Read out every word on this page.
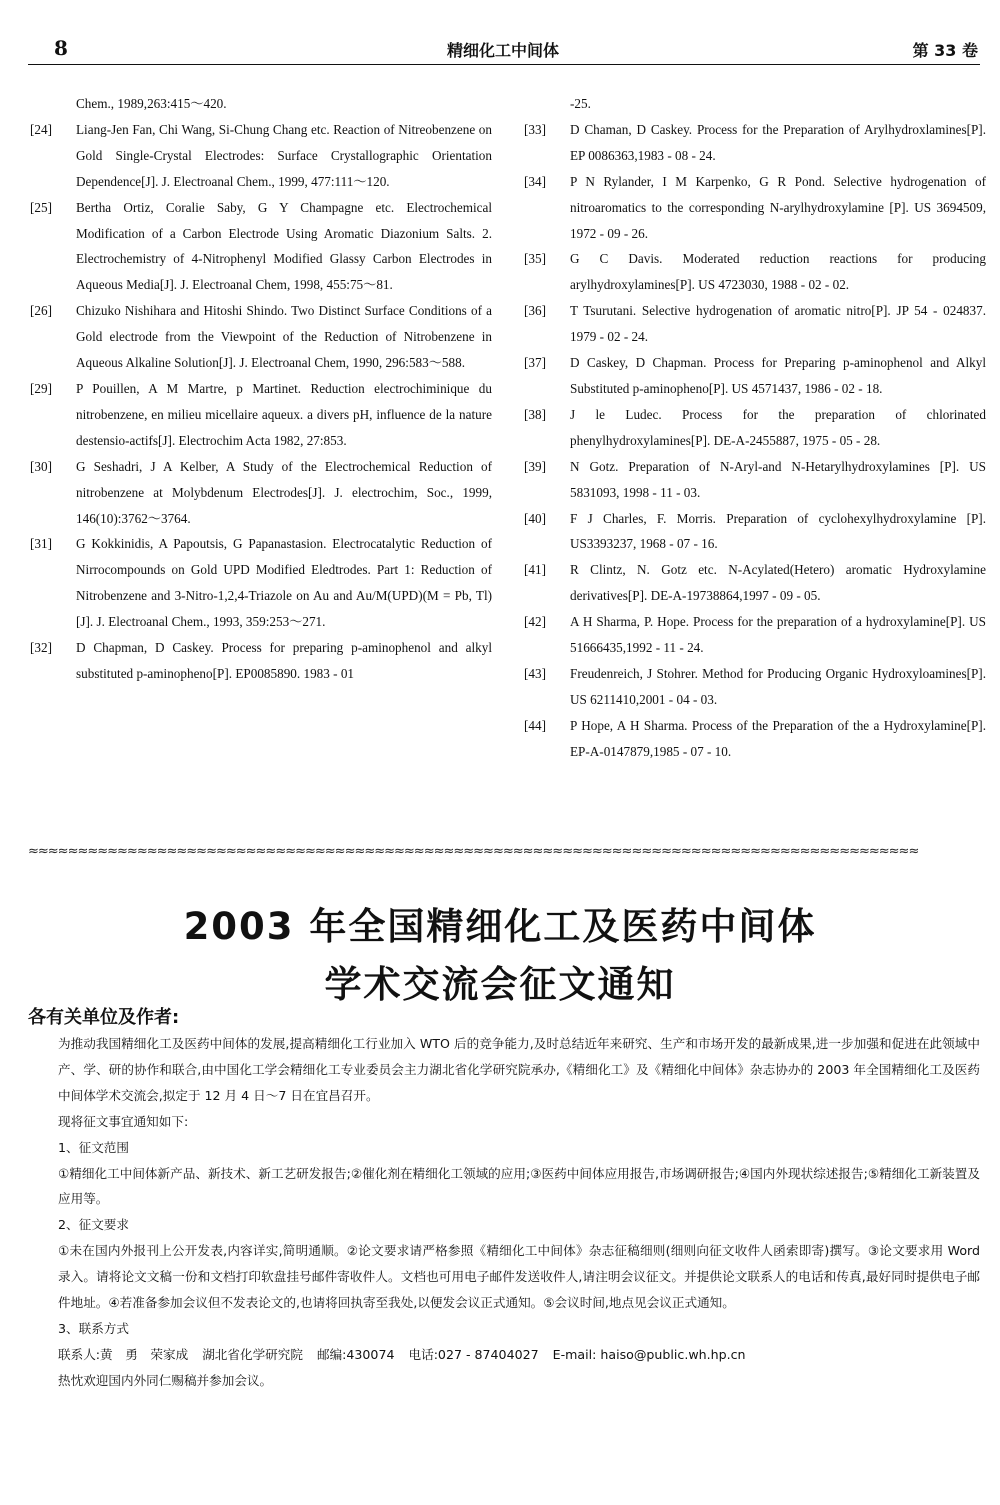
8	精细化工中间体	第 33 卷
Chem., 1989,263:415～420.
[24] Liang-Jen Fan, Chi Wang, Si-Chung Chang etc. Reaction of Nitreobenzene on Gold Single-Crystal Electrodes: Surface Crystallographic Orientation Dependence[J]. J. Electroanal Chem., 1999, 477:111～120.
[25] Bertha Ortiz, Coralie Saby, G Y Champagne etc. Electrochemical Modification of a Carbon Electrode Using Aromatic Diazonium Salts. 2. Electrochemistry of 4-Nitrophenyl Modified Glassy Carbon Electrodes in Aqueous Media[J]. J. Electroanal Chem, 1998, 455:75～81.
[26] Chizuko Nishihara and Hitoshi Shindo. Two Distinct Surface Conditions of a Gold electrode from the Viewpoint of the Reduction of Nitrobenzene in Aqueous Alkaline Solution[J]. J. Electroanal Chem, 1990, 296:583～588.
[29] P Pouillen, A M Martre, p Martinet. Reduction electrochiminique du nitrobenzene, en milieu micellaire aqueux. a divers pH, influence de la nature destensio-actifs[J]. Electrochim Acta 1982, 27:853.
[30] G Seshadri, J A Kelber, A Study of the Electrochemical Reduction of nitrobenzene at Molybdenum Electrodes[J]. J. electrochim, Soc., 1999, 146(10):3762～3764.
[31] G Kokkinidis, A Papoutsis, G Papanastasion. Electrocatalytic Reduction of Nirrocompounds on Gold UPD Modified Eledtrodes. Part 1: Reduction of Nitrobenzene and 3-Nitro-1,2,4-Triazole on Au and Au/M(UPD)(M = Pb, Tl)[J]. J. Electroanal Chem., 1993, 359:253～271.
[32] D Chapman, D Caskey. Process for preparing p-aminophenol and alkyl substituted p-aminopheno[P]. EP0085890. 1983 - 01
-25.
[33] D Chaman, D Caskey. Process for the Preparation of Arylhydroxlamines[P]. EP 0086363,1983 - 08 - 24.
[34] P N Rylander, I M Karpenko, G R Pond. Selective hydrogenation of nitroaromatics to the corresponding N-arylhydroxylamine [P]. US 3694509, 1972 - 09 - 26.
[35] G C Davis. Moderated reduction reactions for producing arylhydroxylamines[P]. US 4723030, 1988 - 02 - 02.
[36] T Tsurutani. Selective hydrogenation of aromatic nitro[P]. JP 54 - 024837. 1979 - 02 - 24.
[37] D Caskey, D Chapman. Process for Preparing p-aminophenol and Alkyl Substituted p-aminopheno[P]. US 4571437, 1986 - 02 - 18.
[38] J le Ludec. Process for the preparation of chlorinated phenylhydroxylamines[P]. DE-A-2455887, 1975 - 05 - 28.
[39] N Gotz. Preparation of N-Aryl-and N-Hetarylhydroxylamines [P]. US 5831093, 1998 - 11 - 03.
[40] F J Charles, F. Morris. Preparation of cyclohexylhydroxylamine [P]. US3393237, 1968 - 07 - 16.
[41] R Clintz, N. Gotz etc. N-Acylated(Hetero) aromatic Hydroxylamine derivatives[P]. DE-A-19738864,1997 - 09 - 05.
[42] A H Sharma, P. Hope. Process for the preparation of a hydroxylamine[P]. US 51666435,1992 - 11 - 24.
[43] Freudenreich, J Stohrer. Method for Producing Organic Hydroxyloamines[P]. US 6211410,2001 - 04 - 03.
[44] P Hope, A H Sharma. Process of the Preparation of the a Hydroxylamine[P]. EP-A-0147879,1985 - 07 - 10.
≈≈≈≈≈≈≈≈≈≈≈≈≈≈≈≈≈≈≈≈≈≈≈≈≈≈≈≈≈≈≈≈≈≈≈≈≈≈≈≈≈≈≈≈≈≈≈≈≈≈≈≈≈≈≈≈≈≈≈≈≈≈≈≈≈≈≈≈≈≈≈≈≈≈≈≈≈≈≈≈≈≈≈≈≈≈≈≈≈≈
2003 年全国精细化工及医药中间体
学术交流会征文通知
各有关单位及作者:

为推动我国精细化工及医药中间体的发展,提高精细化工行业加入 WTO 后的竞争能力,及时总结近年来研究、生产和市场开发的最新成果,进一步加强和促进在此领域中产、学、研的协作和联合,由中国化工学会精细化工专业委员会主力湖北省化学研究院承办,《精细化工》及《精细化中间体》杂志协办的 2003 年全国精细化工及医药中间体学术交流会,拟定于 12 月 4 日～7 日在宜昌召开。

现将征文事宜通知如下:

1、征文范围

①精细化工中间体新产品、新技术、新工艺研发报告;②催化剂在精细化工领域的应用;③医药中间体应用报告,市场调研报告;④国内外现状综述报告;⑤精细化工新装置及应用等。

2、征文要求

①未在国内外报刊上公开发表,内容详实,简明通顺。②论文要求请严格参照《精细化工中间体》杂志征稿细则(细则向征文收件人函索即寄)撰写。③论文要求用 Word 录入。请将论文文稿一份和文档打印软盘挂号邮件寄收件人。文档也可用电子邮件发送收件人,请注明会议征文。并提供论文联系人的电话和传真,最好同时提供电子邮件地址。④若准备参加会议但不发表论文的,也请将回执寄至我处,以便发会议正式通知。⑤会议时间,地点见会议正式通知。

3、联系方式

联系人:黄　勇　荣家成 湖北省化学研究院 邮编:430074 电话:027 - 87404027 E-mail: haiso@public.wh.hp.cn

热忱欢迎国内外同仁赐稿并参加会议。
